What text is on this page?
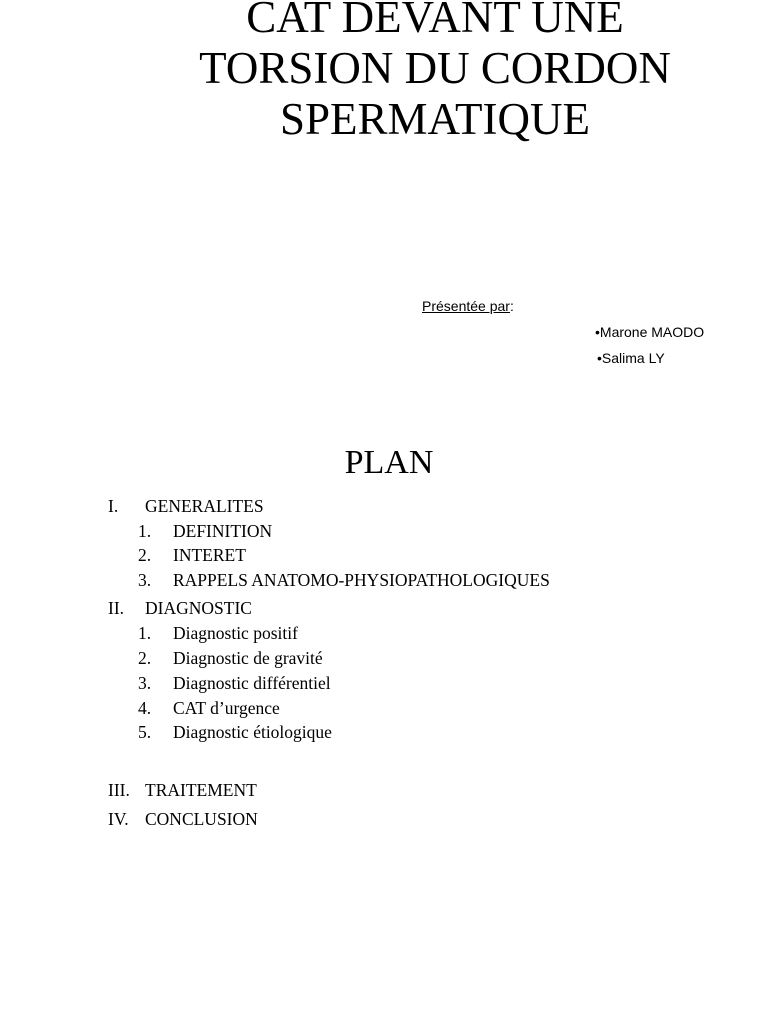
CAT DEVANT UNE
TORSION DU CORDON
SPERMATIQUE
Présentée par:
•Marone MAODO
•Salima LY
PLAN
I. GENERALITES
1. DEFINITION
2. INTERET
3. RAPPELS ANATOMO-PHYSIOPATHOLOGIQUES
II. DIAGNOSTIC
1. Diagnostic positif
2. Diagnostic de gravité
3. Diagnostic différentiel
4. CAT d’urgence
5. Diagnostic étiologique
III. TRAITEMENT
IV. CONCLUSION
